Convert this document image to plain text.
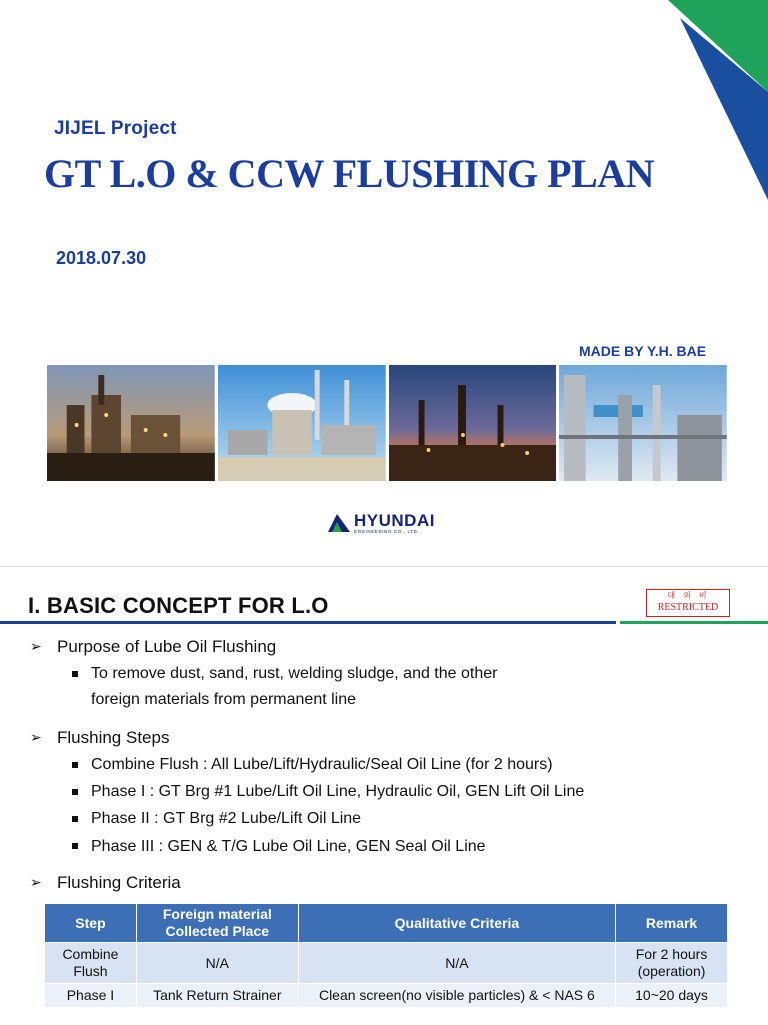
JIJEL Project
GT L.O & CCW FLUSHING PLAN
2018.07.30
MADE BY Y.H. BAE
HYUNDAI
ENGINEERING CO., LTD.
I. BASIC CONCEPT FOR L.O	대외비
RESTRICTED
➢ Purpose of Lube Oil Flushing
To remove dust, sand, rust, welding sludge, and the other
foreign materials from permanent line
➢ Flushing Steps
Combine Flush : All Lube/Lift/Hydraulic/Seal Oil Line (for 2 hours)
Phase I : GT Brg #1 Lube/Lift Oil Line, Hydraulic Oil, GEN Lift Oil Line
Phase II : GT Brg #2 Lube/Lift Oil Line
Phase III : GEN & T/G Lube Oil Line, GEN Seal Oil Line
➢ Flushing Criteria
Step	Foreign material Collected Place	Qualitative Criteria	Remark
Combine Flush	N/A	N/A	For 2 hours (operation)
Phase I	Tank Return Strainer	Clean screen(no visible particles) & < NAS 6	10~20 days
